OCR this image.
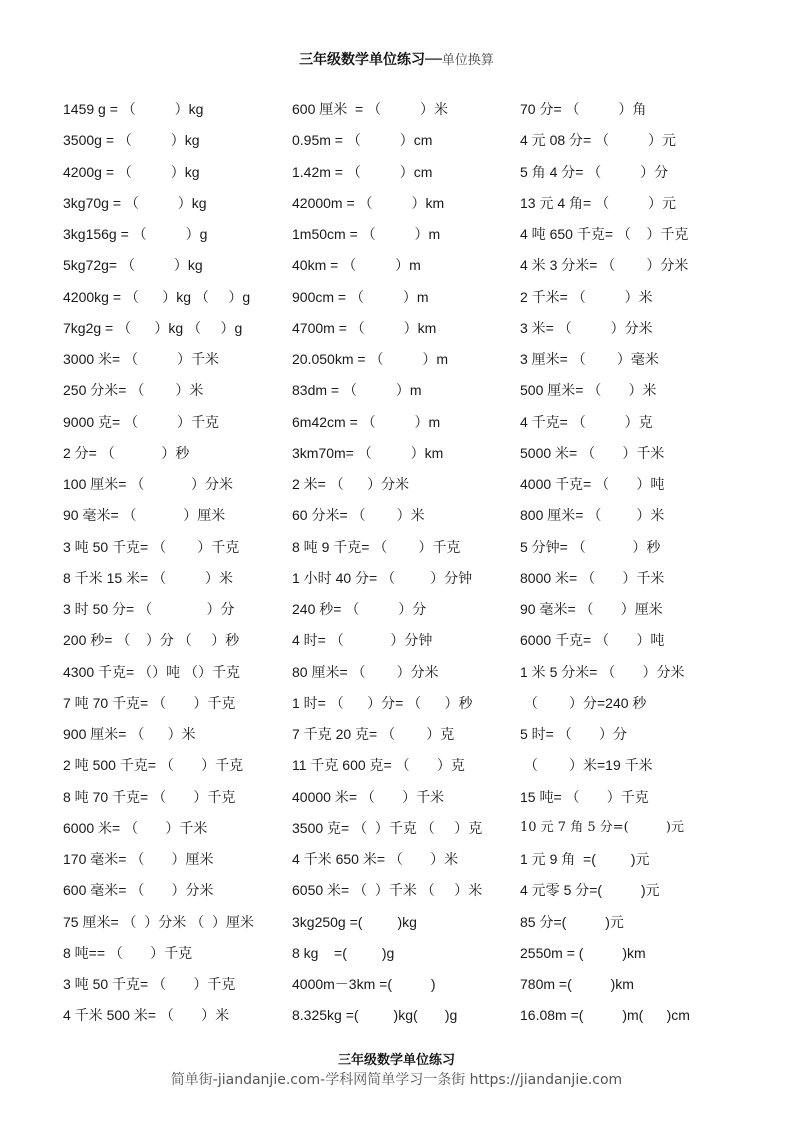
三年级数学单位练习──单位换算
1459 g = （          ）kg
3500g = （          ）kg
4200g = （          ）kg
3kg70g = （          ）kg
3kg156g = （          ）g
5kg72g= （          ）kg
4200kg = （      ）kg （     ）g
7kg2g = （      ）kg （     ）g
3000 米= （          ）千米
250 分米= （        ）米
9000 克= （          ）千克
2 分= （            ）秒
100 厘米= （            ）分米
90 毫米= （            ）厘米
3 吨 50 千克= （        ）千克
8 千米 15 米= （          ）米
3 时 50 分= （              ）分
200 秒= （    ）分 （     ）秒
4300 千克= （）吨 （）千克
7 吨 70 千克= （       ）千克
900 厘米= （      ）米
2 吨 500 千克= （       ）千克
8 吨 70 千克= （       ）千克
6000 米= （       ）千米
170 毫米= （       ）厘米
600 毫米= （       ）分米
75 厘米= （  ）分米 （  ）厘米
8 吨== （       ）千克
3 吨 50 千克= （       ）千克
4 千米 500 米= （       ）米
600 厘米  = （          ）米
0.95m = （          ）cm
1.42m = （          ）cm
42000m = （          ）km
1m50cm = （          ）m
40km = （          ）m
900cm = （          ）m
4700m = （          ）km
20.050km = （          ）m
83dm = （          ）m
6m42cm = （          ）m
3km70m= （          ）km
2 米= （      ）分米
60 分米= （        ）米
8 吨 9 千克= （        ）千克
1 小时 40 分= （         ）分钟
240 秒= （          ）分
4 时= （            ）分钟
80 厘米= （        ）分米
1 时= （      ）分= （      ）秒
7 千克 20 克= （        ）克
11 千克 600 克= （       ）克
40000 米= （       ）千米
3500 克= （  ）千克 （     ）克
4 千米 650 米= （       ）米
6050 米= （  ）千米 （     ）米
3kg250g =(         )kg
8 kg    =(         )g
4000m－3km =(          )
8.325kg =(         )kg(       )g
70 分= （          ）角
4 元 08 分= （          ）元
5 角 4 分= （          ）分
13 元 4 角= （          ）元
4 吨 650 千克= （    ）千克
4 米 3 分米= （        ）分米
2 千米= （          ）米
3 米= （          ）分米
3 厘米= （        ）毫米
500 厘米= （       ）米
4 千克= （          ）克
5000 米= （       ）千米
4000 千克= （       ）吨
800 厘米= （         ）米
5 分钟= （            ）秒
8000 米= （       ）千米
90 毫米= （       ）厘米
6000 千克= （       ）吨
1 米 5 分米= （       ）分米
（        ）分=240 秒
5 时= （       ）分
（        ）米=19 千米
15 吨= （       ）千克
10 元 7 角 5 分=(         )元
1 元 9 角  =(         )元
4 元零 5 分=(          )元
85 分=(          )元
2550m = (          )km
780m =(          )km
16.08m =(          )m(      )cm
三年级数学单位练习
简单街-jiandanjie.com-学科网简单学习一条街 https://jiandanjie.com
